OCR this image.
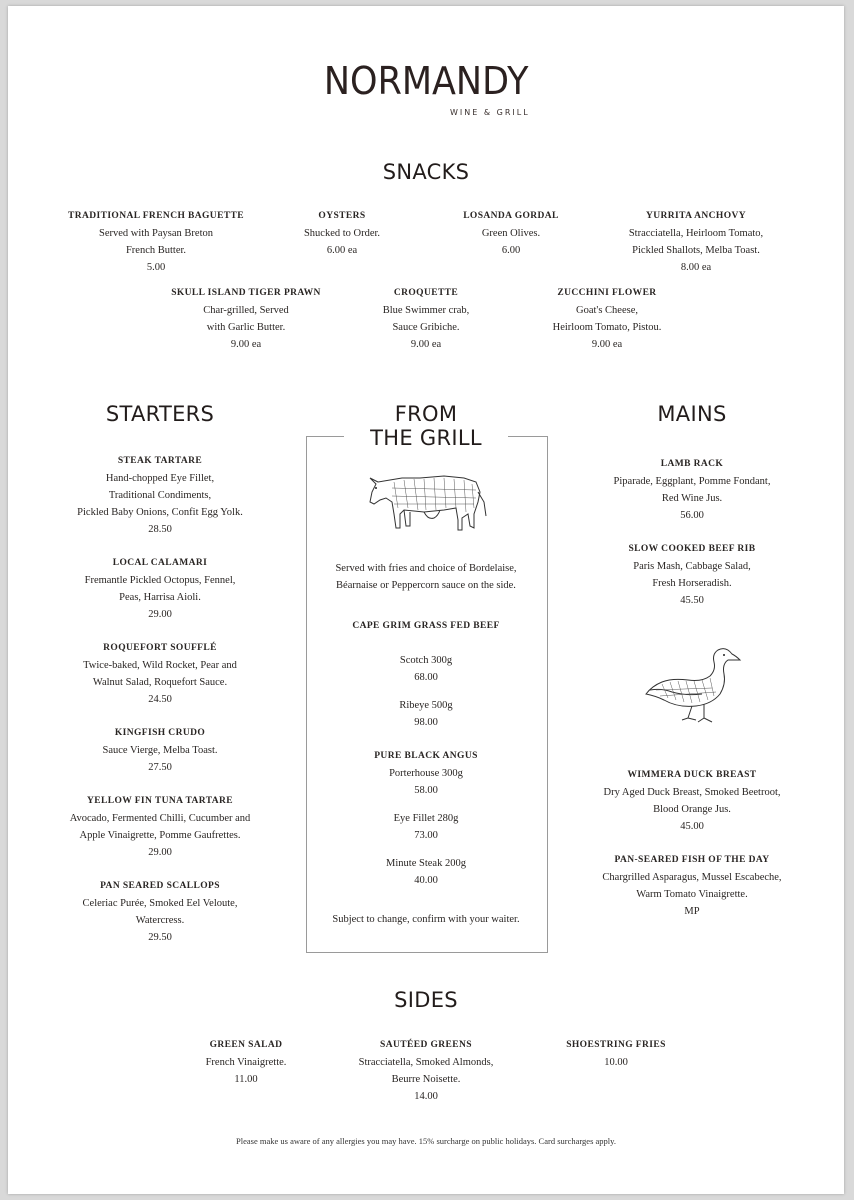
NORMANDY
WINE & GRILL
SNACKS
TRADITIONAL FRENCH BAGUETTE
Served with Paysan Breton
French Butter.
5.00
OYSTERS
Shucked to Order.
6.00 ea
LOSANDA GORDAL
Green Olives.
6.00
YURRITA ANCHOVY
Stracciatella, Heirloom Tomato,
Pickled Shallots, Melba Toast.
8.00 ea
SKULL ISLAND TIGER PRAWN
Char-grilled, Served
with Garlic Butter.
9.00 ea
CROQUETTE
Blue Swimmer crab,
Sauce Gribiche.
9.00 ea
ZUCCHINI FLOWER
Goat's Cheese,
Heirloom Tomato, Pistou.
9.00 ea
STARTERS
STEAK TARTARE
Hand-chopped Eye Fillet,
Traditional Condiments,
Pickled Baby Onions, Confit Egg Yolk.
28.50
LOCAL CALAMARI
Fremantle Pickled Octopus, Fennel,
Peas, Harrisa Aioli.
29.00
ROQUEFORT SOUFFLÉ
Twice-baked, Wild Rocket, Pear and
Walnut Salad, Roquefort Sauce.
24.50
KINGFISH CRUDO
Sauce Vierge, Melba Toast.
27.50
YELLOW FIN TUNA TARTARE
Avocado, Fermented Chilli, Cucumber and
Apple Vinaigrette, Pomme Gaufrettes.
29.00
PAN SEARED SCALLOPS
Celeriac Purée, Smoked Eel Veloute,
Watercress.
29.50
FROM
THE GRILL
Served with fries and choice of Bordelaise,
Béarnaise or Peppercorn sauce on the side.
CAPE GRIM GRASS FED BEEF
Scotch 300g
68.00
Ribeye 500g
98.00
PURE BLACK ANGUS
Porterhouse 300g
58.00
Eye Fillet 280g
73.00
Minute Steak 200g
40.00
Subject to change, confirm with your waiter.
MAINS
LAMB RACK
Piparade, Eggplant, Pomme Fondant,
Red Wine Jus.
56.00
SLOW COOKED BEEF RIB
Paris Mash, Cabbage Salad,
Fresh Horseradish.
45.50
WIMMERA DUCK BREAST
Dry Aged Duck Breast, Smoked Beetroot,
Blood Orange Jus.
45.00
PAN-SEARED FISH OF THE DAY
Chargrilled Asparagus, Mussel Escabeche,
Warm Tomato Vinaigrette.
MP
SIDES
GREEN SALAD
French Vinaigrette.
11.00
SAUTÉED GREENS
Stracciatella, Smoked Almonds,
Beurre Noisette.
14.00
SHOESTRING FRIES
10.00
Please make us aware of any allergies you may have. 15% surcharge on public holidays. Card surcharges apply.
